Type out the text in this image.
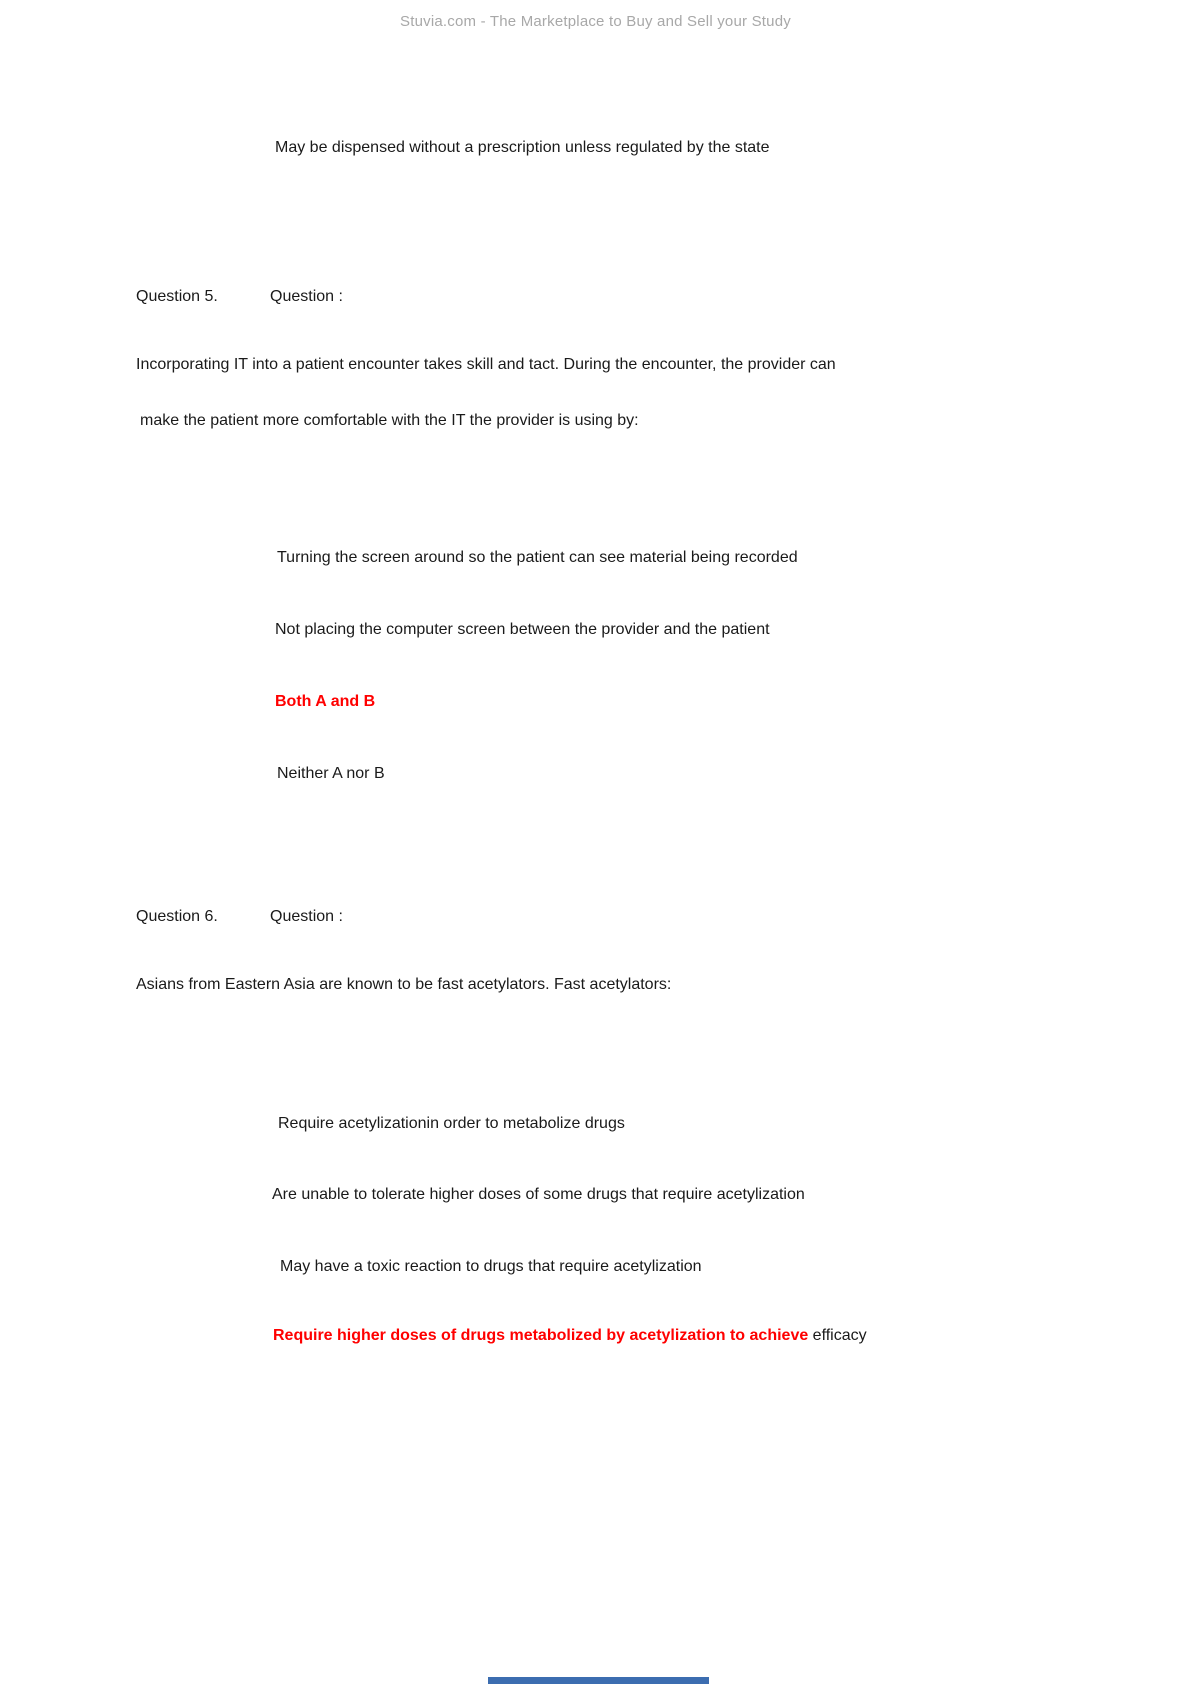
Stuvia.com - The Marketplace to Buy and Sell your Study
May be dispensed without a prescription unless regulated by the state
Question 5.	Question :
Incorporating IT into a patient encounter takes skill and tact. During the encounter, the provider can
make the patient more comfortable with the IT the provider is using by:
Turning the screen around so the patient can see material being recorded
Not placing the computer screen between the provider and the patient
Both A and B
Neither A nor B
Question 6.	Question :
Asians from Eastern Asia are known to be fast acetylators. Fast acetylators:
Require acetylizationin order to metabolize drugs
Are unable to tolerate higher doses of some drugs that require acetylization
May have a toxic reaction to drugs that require acetylization
Require higher doses of drugs metabolized by acetylization to achieve efficacy
